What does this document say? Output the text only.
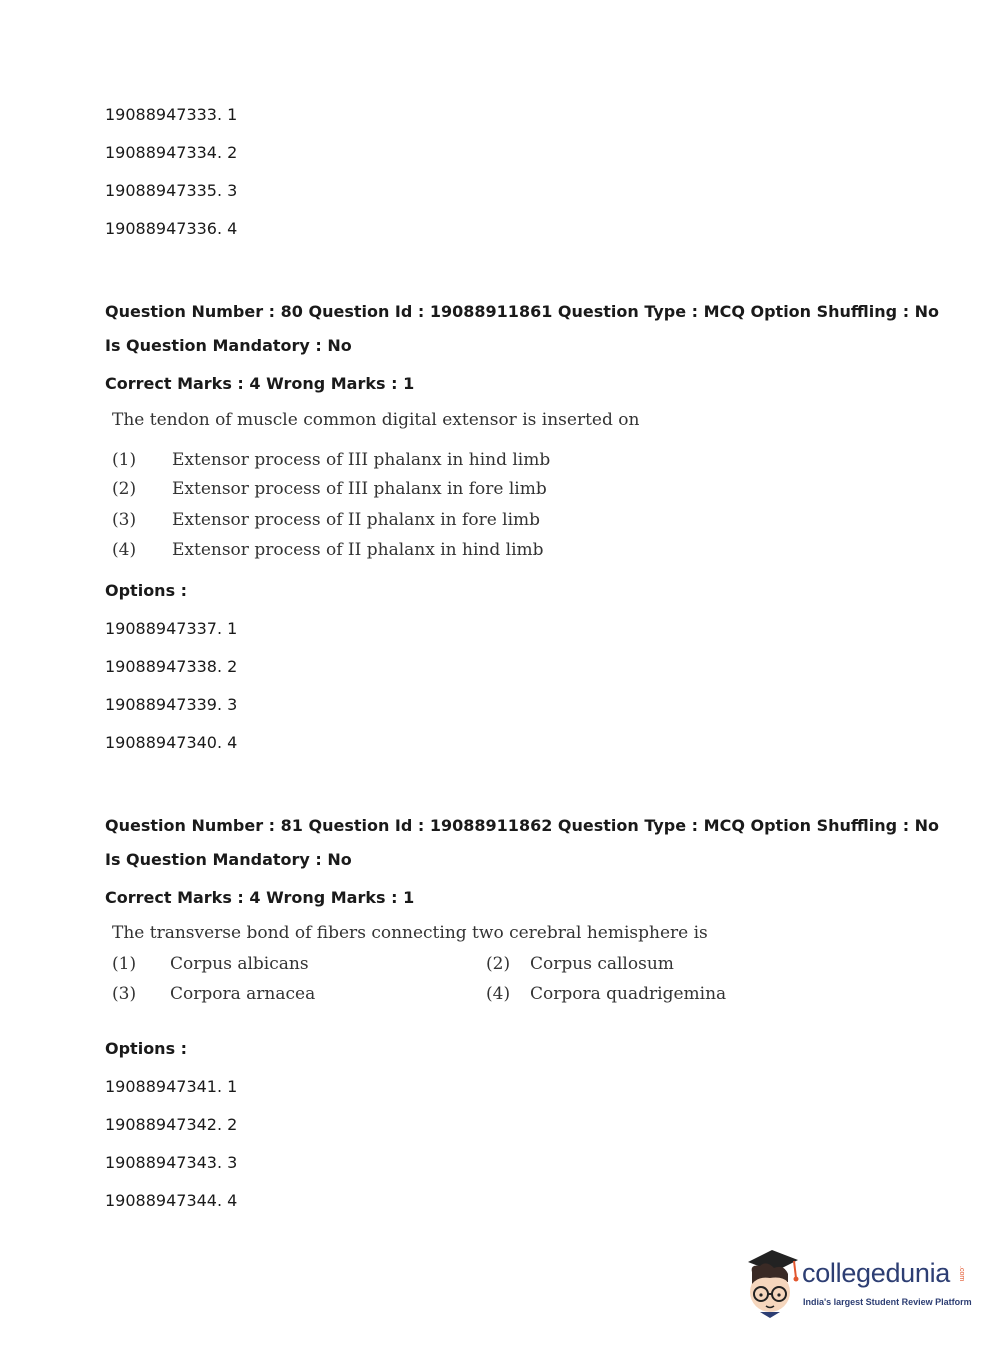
19088947333. 1
19088947334. 2
19088947335. 3
19088947336. 4
Question Number : 80 Question Id : 19088911861 Question Type : MCQ Option Shuffling : No
Is Question Mandatory : No
Correct Marks : 4 Wrong Marks : 1
The tendon of muscle common digital extensor is inserted on
(1) Extensor process of III phalanx in hind limb
(2) Extensor process of III phalanx in fore limb
(3) Extensor process of II phalanx in fore limb
(4) Extensor process of II phalanx in hind limb
Options :
19088947337. 1
19088947338. 2
19088947339. 3
19088947340. 4
Question Number : 81 Question Id : 19088911862 Question Type : MCQ Option Shuffling : No
Is Question Mandatory : No
Correct Marks : 4 Wrong Marks : 1
The transverse bond of fibers connecting two cerebral hemisphere is
(1) Corpus albicans	(2) Corpus callosum
(3) Corpora arnacea	(4) Corpora quadrigemina
Options :
19088947341. 1
19088947342. 2
19088947343. 3
19088947344. 4
collegedunia .com
India's largest Student Review Platform
